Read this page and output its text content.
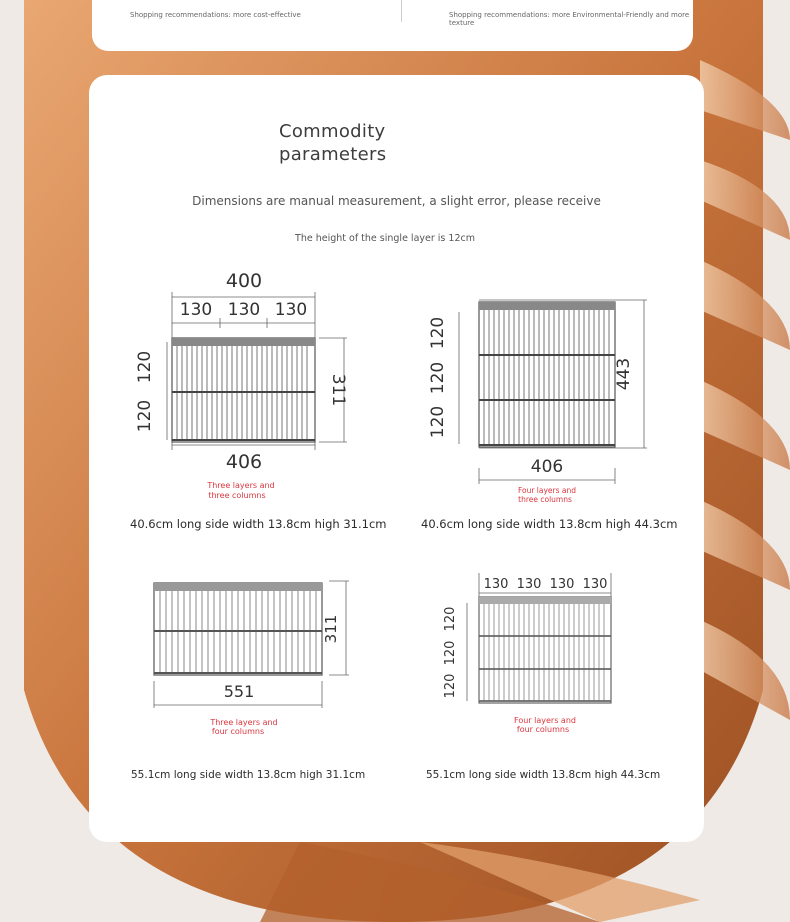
Shopping recommendations: more cost-effective	Shopping recommendations: more Environmental-Friendly and more texture
Commodity parameters
Dimensions are manual measurement, a slight error, please receive
The height of the single layer is 12cm
400
130 130 130
120
120
311
406
Three layers and
three columns
40.6cm long side width 13.8cm high 31.1cm
120
120
120
443
406
Four layers and
three columns
40.6cm long side width 13.8cm high 44.3cm
311
551
Three layers and
four columns
55.1cm long side width 13.8cm high 31.1cm
130 130 130 130
120
120
120
Four layers and
four columns
55.1cm long side width 13.8cm high 44.3cm
